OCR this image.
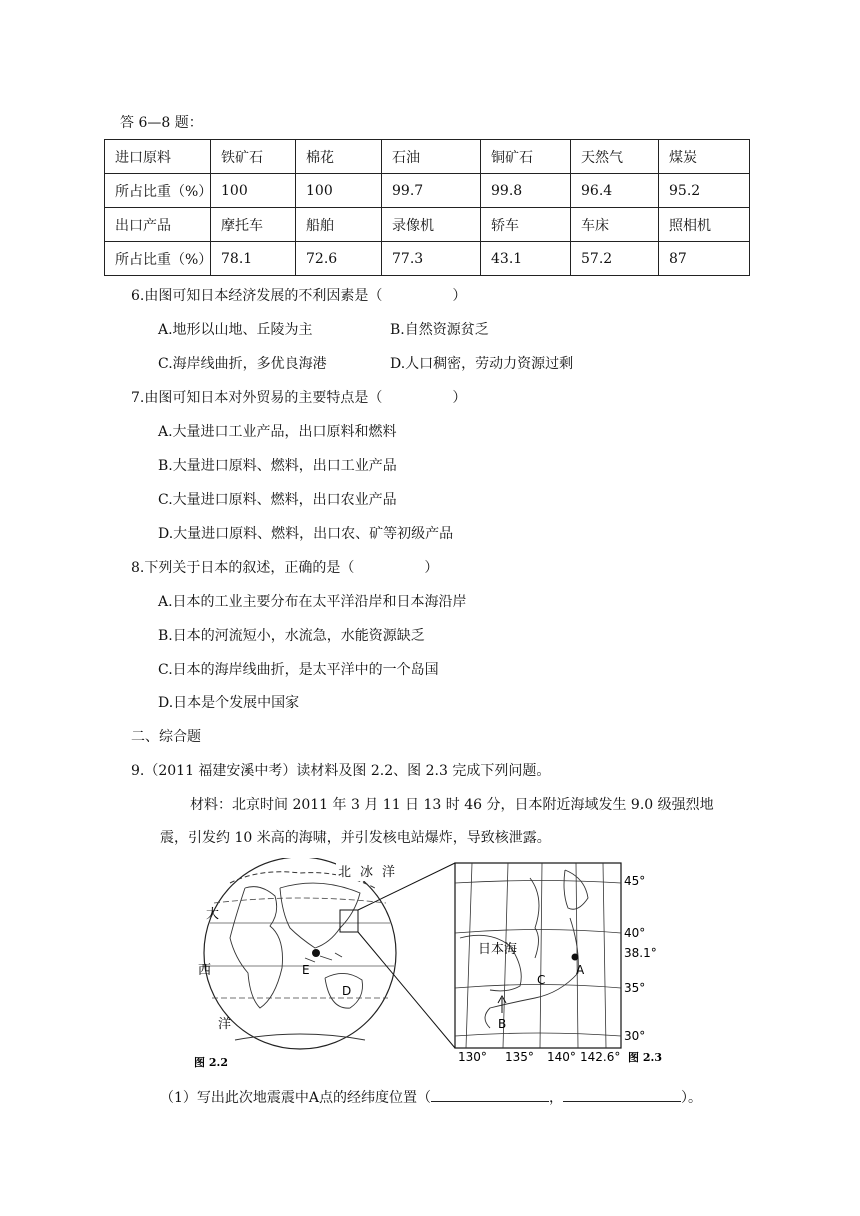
答 6—8 题：
进口原料	铁矿石	棉花	石油	铜矿石	天然气	煤炭
所占比重（%）	100	100	99.7	99.8	96.4	95.2
出口产品	摩托车	船舶	录像机	轿车	车床	照相机
所占比重（%）	78.1	72.6	77.3	43.1	57.2	87
6.由图可知日本经济发展的不利因素是（　　　　　）
A.地形以山地、丘陵为主	B.自然资源贫乏
C.海岸线曲折，多优良海港	D.人口稠密，劳动力资源过剩
7.由图可知日本对外贸易的主要特点是（　　　　　）
A.大量进口工业产品，出口原料和燃料
B.大量进口原料、燃料，出口工业产品
C.大量进口原料、燃料，出口农业产品
D.大量进口原料、燃料，出口农、矿等初级产品
8.下列关于日本的叙述，正确的是（　　　　　）
A.日本的工业主要分布在太平洋沿岸和日本海沿岸
B.日本的河流短小，水流急，水能资源缺乏
C.日本的海岸线曲折，是太平洋中的一个岛国
D.日本是个发展中国家
二、综合题
9.（2011 福建安溪中考）读材料及图 2.2、图 2.3 完成下列问题。
材料：北京时间 2011 年 3 月 11 日 13 时 46 分，日本附近海域发生 9.0 级强烈地
震，引发约 10 米高的海啸，并引发核电站爆炸，导致核泄露。
E
D
北 冰 洋
大
西
洋
图 2.2
A
B
C
日本海
45°
40°
38.1°
35°
30°
130° 135° 140° 142.6° 图 2.3
（1）写出此次地震震中A点的经纬度位置（	，	）。
